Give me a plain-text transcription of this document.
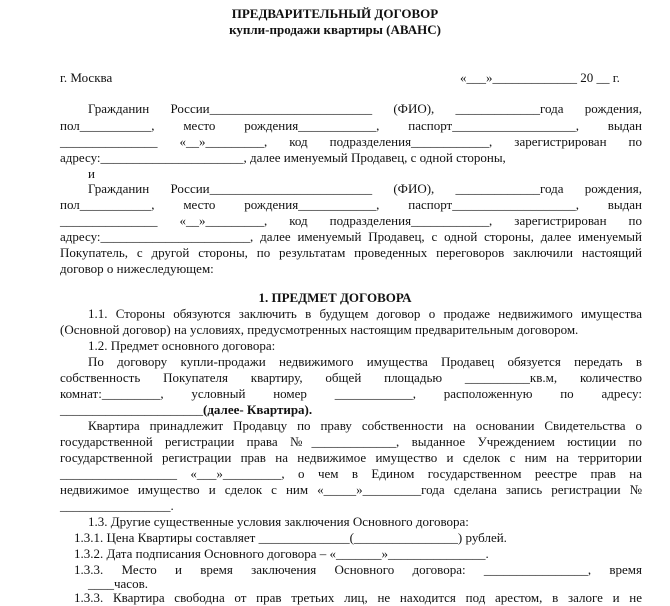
ПРЕДВАРИТЕЛЬНЫЙ ДОГОВОР
купли-продажи квартиры (АВАНС)
г. Москва	«___»_____________ 20 __ г.
Гражданин России_________________________ (ФИО), _____________года рождения,
пол___________, место рождения____________, паспорт___________________, выдан
_______________ «__»_________, код подразделения____________, зарегистрирован по
адресу:______________________, далее именуемый Продавец, с одной стороны,
и
Гражданин России_________________________ (ФИО), _____________года рождения,
пол___________, место рождения____________, паспорт___________________, выдан
_______________ «__»_________, код подразделения____________, зарегистрирован по
адресу:_______________________, далее именуемый Продавец, с одной стороны, далее именуемый
Покупатель, с другой стороны, по результатам проведенных переговоров заключили настоящий
договор о нижеследующем:
1. ПРЕДМЕТ ДОГОВОРА
1.1. Стороны обязуются заключить в будущем договор о продаже недвижимого имущества
(Основной договор) на условиях, предусмотренных настоящим предварительным договором.
1.2. Предмет основного договора:
По договору купли-продажи недвижимого имущества Продавец обязуется передать в
собственность Покупателя квартиру, общей площадью __________кв.м, количество
комнат:_________, условный номер ____________, расположенную по адресу:
______________________(далее- Квартира).
Квартира принадлежит Продавцу по праву собственности на основании Свидетельства о
государственной регистрации права №_____________, выданное Учреждением юстиции по
государственной регистрации прав на недвижимое имущество и сделок с ним на территории
__________________ «___»_________, о чем в Едином государственном реестре прав на
недвижимое имущество и сделок с ним «_____»_________года сделана запись регистрации №
_________________.
1.3. Другие существенные условия заключения Основного договора:
1.3.1. Цена Квартиры составляет ______________(________________) рублей.
1.3.2. Дата подписания Основного договора – «_______»_______________.
1.3.3. Место и время заключения Основного договора: ________________, время
____часов.
1.3.3. Квартира свободна от прав третьих лиц, не находится под арестом, в залоге и не
